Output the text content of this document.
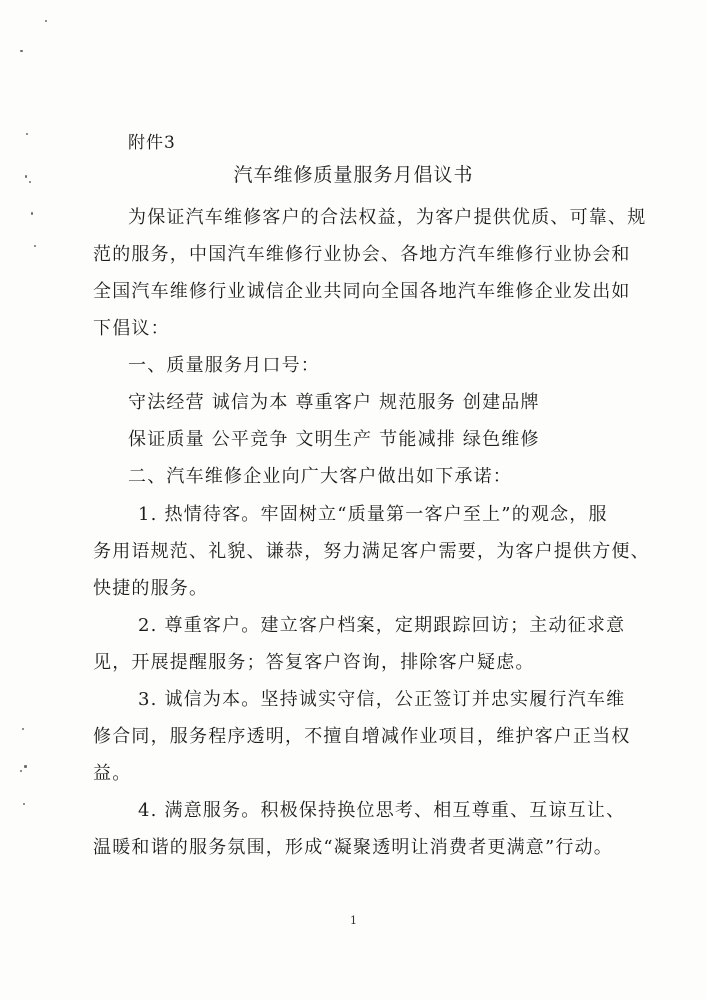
附件3
汽车维修质量服务月倡议书
为保证汽车维修客户的合法权益，为客户提供优质、可靠、规
范的服务，中国汽车维修行业协会、各地方汽车维修行业协会和
全国汽车维修行业诚信企业共同向全国各地汽车维修企业发出如
下倡议：
一、质量服务月口号：
守法经营 诚信为本 尊重客户 规范服务 创建品牌
保证质量 公平竞争 文明生产 节能减排 绿色维修
二、汽车维修企业向广大客户做出如下承诺：
1. 热情待客。牢固树立“质量第一客户至上”的观念，服
务用语规范、礼貌、谦恭，努力满足客户需要，为客户提供方便、
快捷的服务。
2. 尊重客户。建立客户档案，定期跟踪回访；主动征求意
见，开展提醒服务；答复客户咨询，排除客户疑虑。
3. 诚信为本。坚持诚实守信，公正签订并忠实履行汽车维
修合同，服务程序透明，不擅自增减作业项目，维护客户正当权
益。
4. 满意服务。积极保持换位思考、相互尊重、互谅互让、
温暖和谐的服务氛围，形成“凝聚透明让消费者更满意”行动。
1
